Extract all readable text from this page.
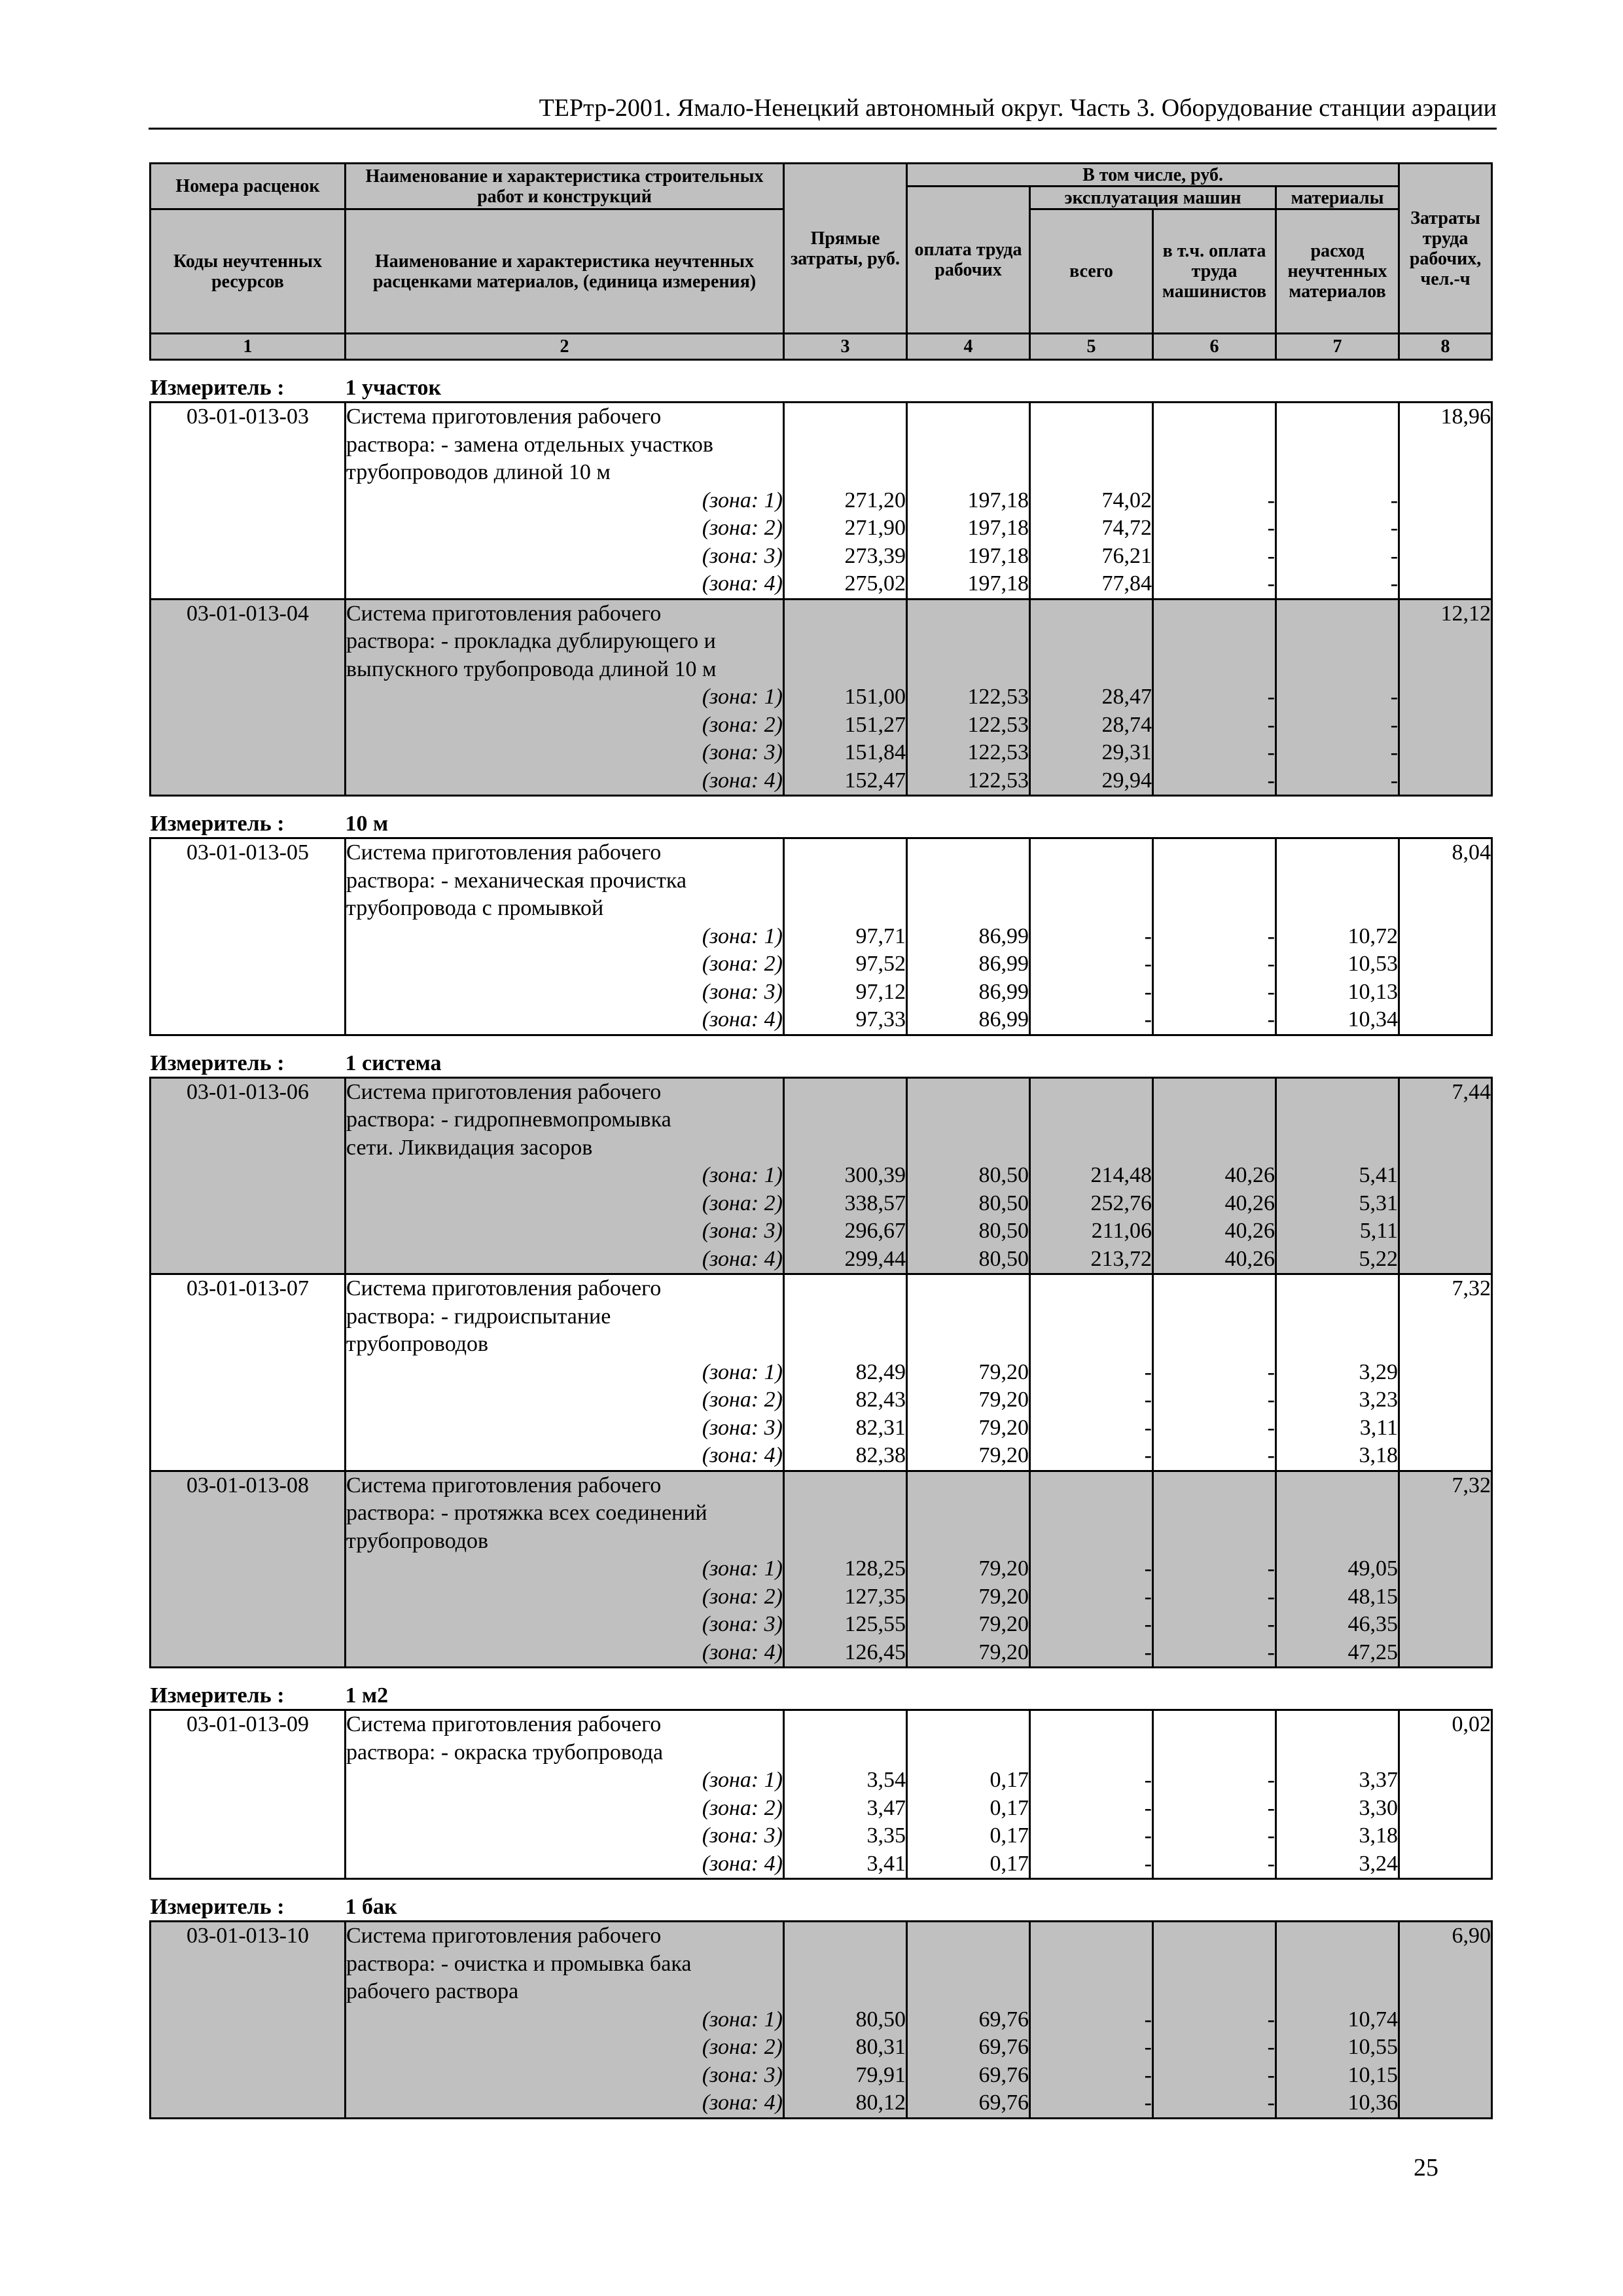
ТЕРтр-2001. Ямало-Ненецкий автономный округ. Часть 3. Оборудование станции аэрации
Номера расценок	Наименование и характеристика строительных работ и конструкций	Прямые затраты, руб.	В том числе, руб.				Затраты труда рабочих, чел.-ч
			оплата труда рабочих	эксплуатация машин		материалы	
Коды неучтенных ресурсов	Наименование и характеристика неучтенных расценками материалов, (единица измерения)			всего	в т.ч. оплата труда машинистов	расход неучтенных материалов	

1	2	3	4	5	6	7	8
Измеритель :	1 участок						
03-01-013-03	Система приготовления рабочего						18,96
	раствора: - замена отдельных участков						
	трубопроводов длиной 10 м						
	(зона: 1)	271,20	197,18	74,02	-	-	
	(зона: 2)	271,90	197,18	74,72	-	-	
	(зона: 3)	273,39	197,18	76,21	-	-	
	(зона: 4)	275,02	197,18	77,84	-	-	
03-01-013-04	Система приготовления рабочего						12,12
	раствора: - прокладка дублирующего и						
	выпускного трубопровода длиной 10 м						
	(зона: 1)	151,00	122,53	28,47	-	-	
	(зона: 2)	151,27	122,53	28,74	-	-	
	(зона: 3)	151,84	122,53	29,31	-	-	
	(зона: 4)	152,47	122,53	29,94	-	-	
Измеритель :	10 м						
03-01-013-05	Система приготовления рабочего						8,04
	раствора: - механическая прочистка						
	трубопровода с промывкой						
	(зона: 1)	97,71	86,99	-	-	10,72	
	(зона: 2)	97,52	86,99	-	-	10,53	
	(зона: 3)	97,12	86,99	-	-	10,13	
	(зона: 4)	97,33	86,99	-	-	10,34	
Измеритель :	1 система						
03-01-013-06	Система приготовления рабочего						7,44
	раствора: - гидропневмопромывка						
	сети. Ликвидация засоров						
	(зона: 1)	300,39	80,50	214,48	40,26	5,41	
	(зона: 2)	338,57	80,50	252,76	40,26	5,31	
	(зона: 3)	296,67	80,50	211,06	40,26	5,11	
	(зона: 4)	299,44	80,50	213,72	40,26	5,22	
03-01-013-07	Система приготовления рабочего						7,32
	раствора: - гидроиспытание						
	трубопроводов						
	(зона: 1)	82,49	79,20	-	-	3,29	
	(зона: 2)	82,43	79,20	-	-	3,23	
	(зона: 3)	82,31	79,20	-	-	3,11	
	(зона: 4)	82,38	79,20	-	-	3,18	
03-01-013-08	Система приготовления рабочего						7,32
	раствора: - протяжка всех соединений						
	трубопроводов						
	(зона: 1)	128,25	79,20	-	-	49,05	
	(зона: 2)	127,35	79,20	-	-	48,15	
	(зона: 3)	125,55	79,20	-	-	46,35	
	(зона: 4)	126,45	79,20	-	-	47,25	
Измеритель :	1 м2						
03-01-013-09	Система приготовления рабочего						0,02
	раствора: - окраска трубопровода						
	(зона: 1)	3,54	0,17	-	-	3,37	
	(зона: 2)	3,47	0,17	-	-	3,30	
	(зона: 3)	3,35	0,17	-	-	3,18	
	(зона: 4)	3,41	0,17	-	-	3,24	
Измеритель :	1 бак						
03-01-013-10	Система приготовления рабочего						6,90
	раствора: - очистка и промывка бака						
	рабочего раствора						
	(зона: 1)	80,50	69,76	-	-	10,74	
	(зона: 2)	80,31	69,76	-	-	10,55	
	(зона: 3)	79,91	69,76	-	-	10,15	
	(зона: 4)	80,12	69,76	-	-	10,36	
25
